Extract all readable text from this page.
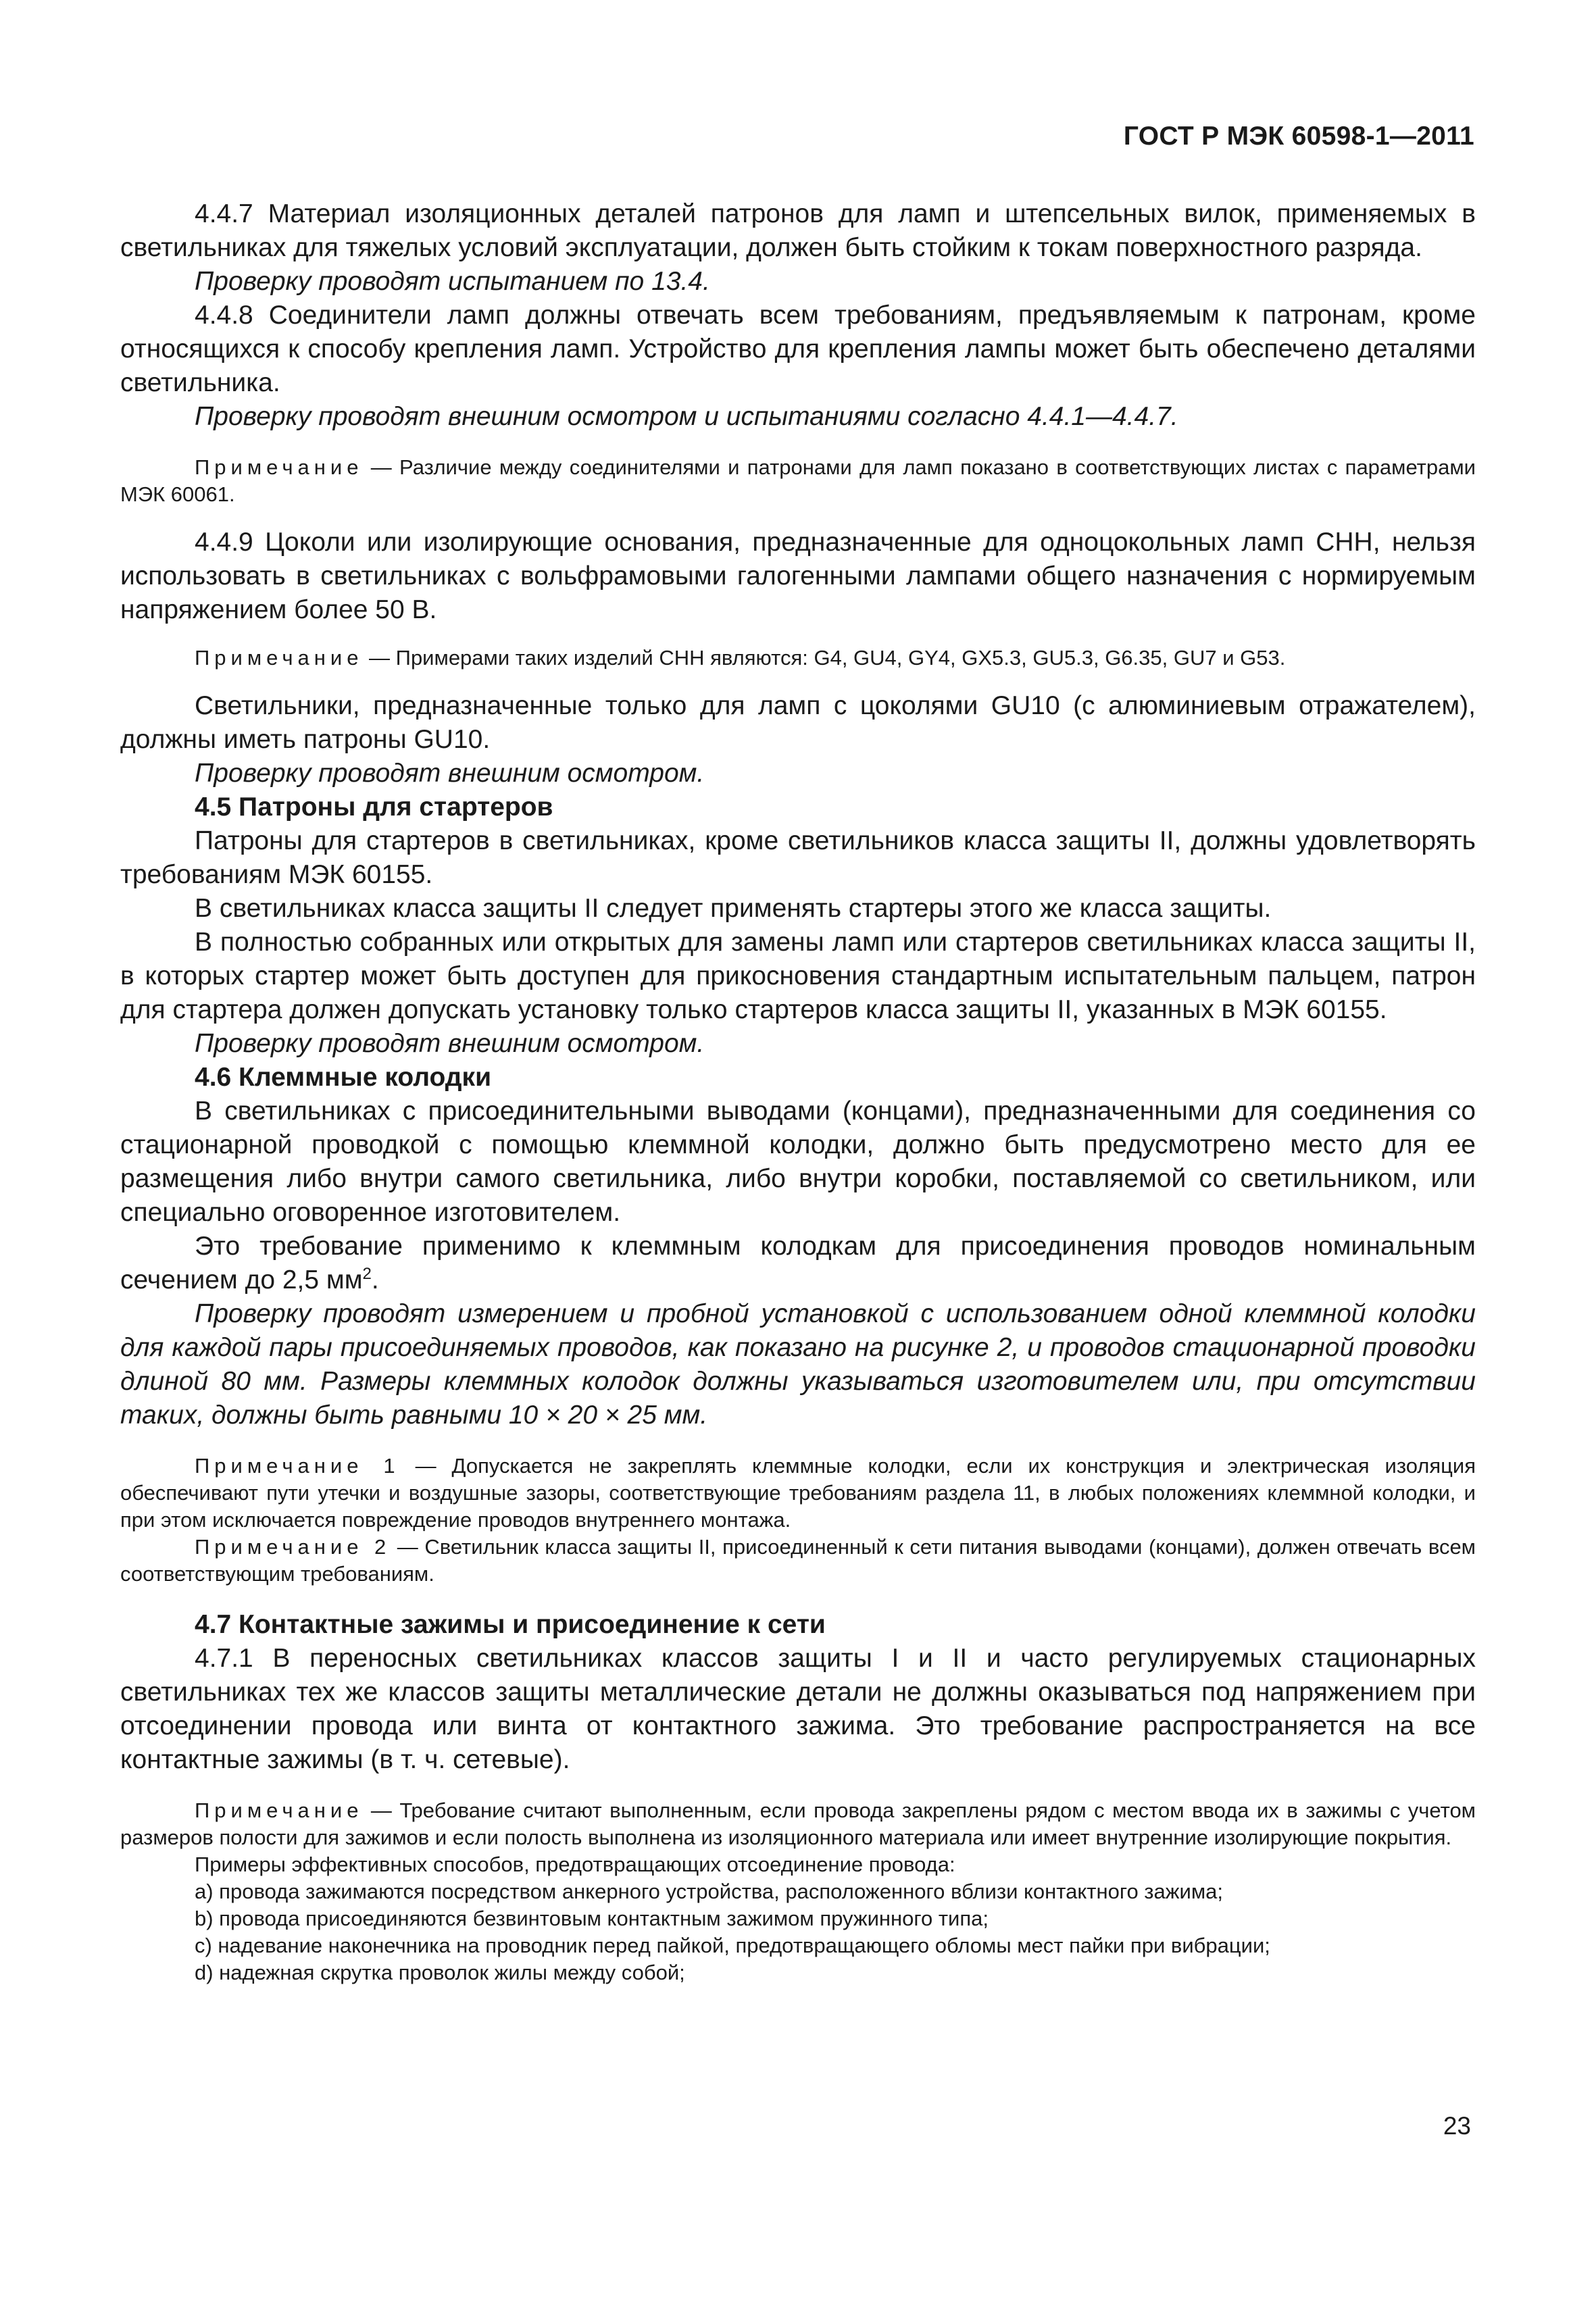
ГОСТ Р МЭК 60598-1—2011

4.4.7 Материал изоляционных деталей патронов для ламп и штепсельных вилок, применяемых в светильниках для тяжелых условий эксплуатации, должен быть стойким к токам поверхностного разряда.

Проверку проводят испытанием по 13.4.

4.4.8 Соединители ламп должны отвечать всем требованиям, предъявляемым к патронам, кроме относящихся к способу крепления ламп. Устройство для крепления лампы может быть обеспечено деталями светильника.

Проверку проводят внешним осмотром и испытаниями согласно 4.4.1—4.4.7.

Примечание — Различие между соединителями и патронами для ламп показано в соответствующих листах с параметрами МЭК 60061.

4.4.9 Цоколи или изолирующие основания, предназначенные для одноцокольных ламп СНН, нельзя использовать в светильниках с вольфрамовыми галогенными лампами общего назначения с нормируемым напряжением более 50 В.

Примечание — Примерами таких изделий СНН являются: G4, GU4, GY4, GX5.3, GU5.3, G6.35, GU7 и G53.

Светильники, предназначенные только для ламп с цоколями GU10 (с алюминиевым отражателем), должны иметь патроны GU10.

Проверку проводят внешним осмотром.

4.5 Патроны для стартеров

Патроны для стартеров в светильниках, кроме светильников класса защиты II, должны удовлетворять требованиям МЭК 60155.

В светильниках класса защиты II следует применять стартеры этого же класса защиты.

В полностью собранных или открытых для замены ламп или стартеров светильниках класса защиты II, в которых стартер может быть доступен для прикосновения стандартным испытательным пальцем, патрон для стартера должен допускать установку только стартеров класса защиты II, указанных в МЭК 60155.

Проверку проводят внешним осмотром.

4.6 Клеммные колодки

В светильниках с присоединительными выводами (концами), предназначенными для соединения со стационарной проводкой с помощью клеммной колодки, должно быть предусмотрено место для ее размещения либо внутри самого светильника, либо внутри коробки, поставляемой со светильником, или специально оговоренное изготовителем.

Это требование применимо к клеммным колодкам для присоединения проводов номинальным сечением до 2,5 $мм^2$.

Проверку проводят измерением и пробной установкой с использованием одной клеммной колодки для каждой пары присоединяемых проводов, как показано на рисунке 2, и проводов стационарной проводки длиной 80 мм. Размеры клеммных колодок должны указываться изготовителем или, при отсутствии таких, должны быть равными 10 × 20 × 25 мм.

Примечание 1 — Допускается не закреплять клеммные колодки, если их конструкция и электрическая изоляция обеспечивают пути утечки и воздушные зазоры, соответствующие требованиям раздела 11, в любых положениях клеммной колодки, и при этом исключается повреждение проводов внутреннего монтажа.

Примечание 2 — Светильник класса защиты II, присоединенный к сети питания выводами (концами), должен отвечать всем соответствующим требованиям.

4.7 Контактные зажимы и присоединение к сети

4.7.1 В переносных светильниках классов защиты I и II и часто регулируемых стационарных светильниках тех же классов защиты металлические детали не должны оказываться под напряжением при отсоединении провода или винта от контактного зажима. Это требование распространяется на все контактные зажимы (в т. ч. сетевые).

Примечание — Требование считают выполненным, если провода закреплены рядом с местом ввода их в зажимы с учетом размеров полости для зажимов и если полость выполнена из изоляционного материала или имеет внутренние изолирующие покрытия.

Примеры эффективных способов, предотвращающих отсоединение провода:

а) провода зажимаются посредством анкерного устройства, расположенного вблизи контактного зажима;

b) провода присоединяются безвинтовым контактным зажимом пружинного типа;

c) надевание наконечника на проводник перед пайкой, предотвращающего обломы мест пайки при вибрации;

d) надежная скрутка проволок жилы между собой;

23
